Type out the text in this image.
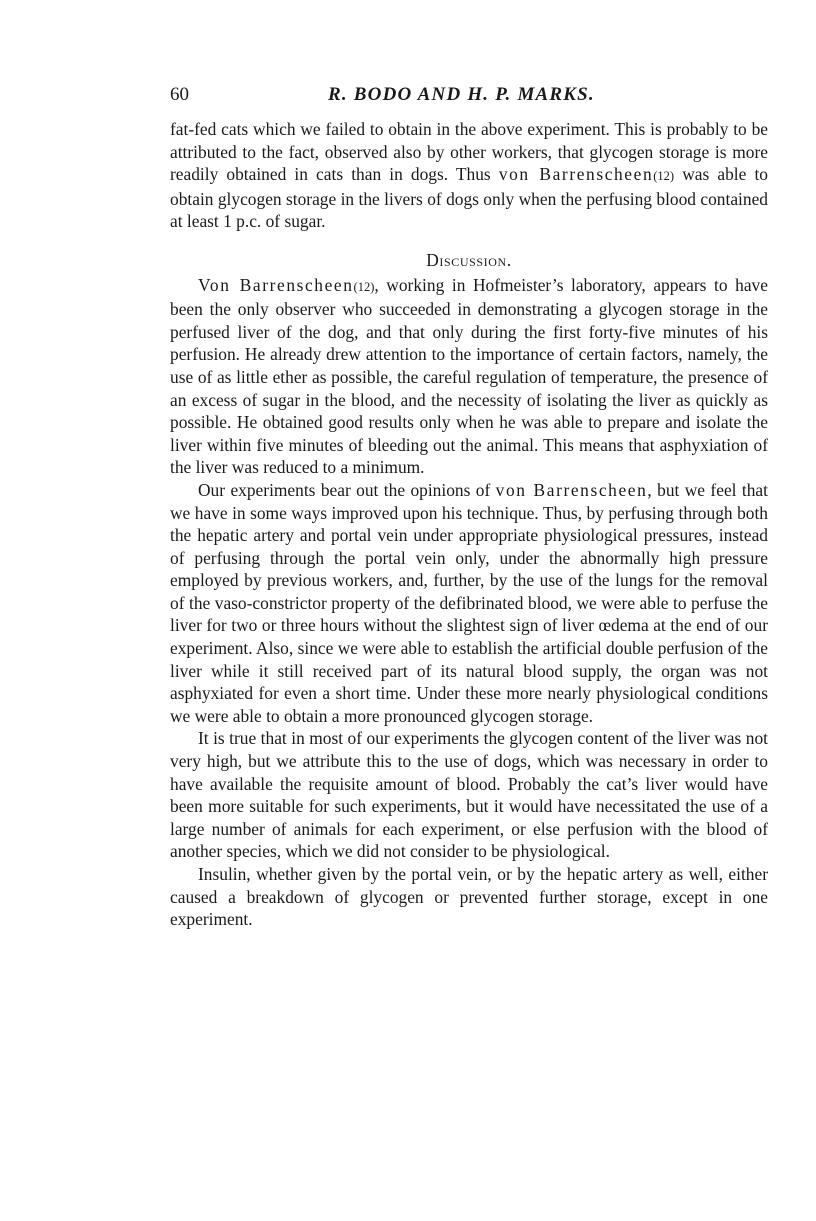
60	R. BODO AND H. P. MARKS.

fat-fed cats which we failed to obtain in the above experiment. This is probably to be attributed to the fact, observed also by other workers, that glycogen storage is more readily obtained in cats than in dogs. Thus von Barrenscheen(12) was able to obtain glycogen storage in the livers of dogs only when the perfusing blood contained at least 1 p.c. of sugar.

Discussion.

Von Barrenscheen(12), working in Hofmeister’s laboratory, appears to have been the only observer who succeeded in demonstrating a glycogen storage in the perfused liver of the dog, and that only during the first forty-five minutes of his perfusion. He already drew attention to the importance of certain factors, namely, the use of as little ether as possible, the careful regulation of temperature, the presence of an excess of sugar in the blood, and the necessity of isolating the liver as quickly as possible. He obtained good results only when he was able to prepare and isolate the liver within five minutes of bleeding out the animal. This means that asphyxiation of the liver was reduced to a minimum.

Our experiments bear out the opinions of von Barrenscheen, but we feel that we have in some ways improved upon his technique. Thus, by perfusing through both the hepatic artery and portal vein under appropriate physiological pressures, instead of perfusing through the portal vein only, under the abnormally high pressure employed by previous workers, and, further, by the use of the lungs for the removal of the vaso-constrictor property of the defibrinated blood, we were able to perfuse the liver for two or three hours without the slightest sign of liver œdema at the end of our experiment. Also, since we were able to establish the artificial double perfusion of the liver while it still received part of its natural blood supply, the organ was not asphyxiated for even a short time. Under these more nearly physiological conditions we were able to obtain a more pronounced glycogen storage.

It is true that in most of our experiments the glycogen content of the liver was not very high, but we attribute this to the use of dogs, which was necessary in order to have available the requisite amount of blood. Probably the cat’s liver would have been more suitable for such experiments, but it would have necessitated the use of a large number of animals for each experiment, or else perfusion with the blood of another species, which we did not consider to be physiological.

Insulin, whether given by the portal vein, or by the hepatic artery as well, either caused a breakdown of glycogen or prevented further storage, except in one experiment.
